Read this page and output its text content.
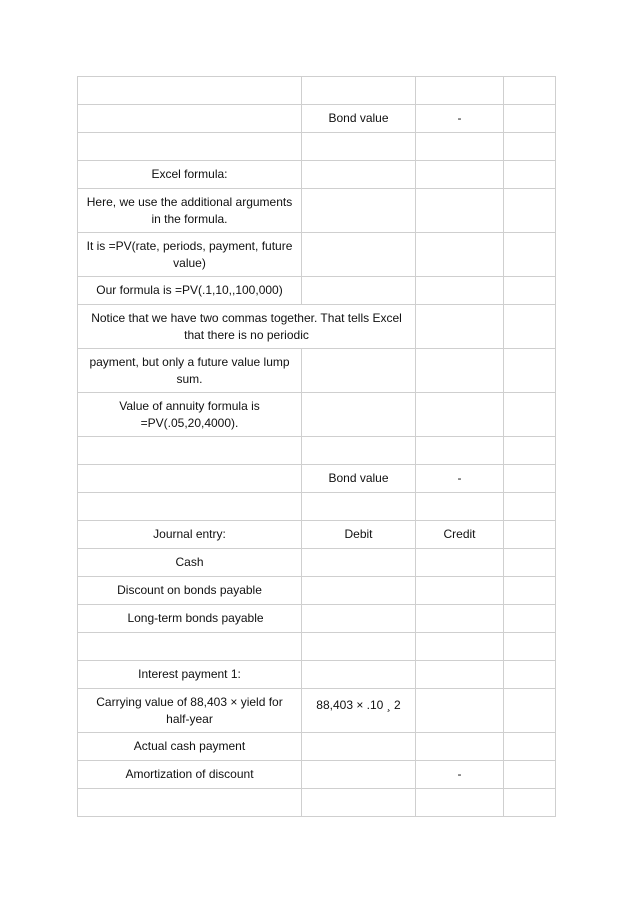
	Bond value	-	

Excel formula:			
Here, we use the additional arguments in the formula.			
It is =PV(rate, periods, payment, future value)			
Our formula is =PV(.1,10,,100,000)			
Notice that we have two commas together. That tells Excel that there is no periodic			
payment, but only a future value lump sum.			
Value of annuity formula is =PV(.05,20,4000).			

	Bond value	-	

Journal entry:	Debit	Credit	
Cash			
Discount on bonds payable			
Long-term bonds payable			

Interest payment 1:			
Carrying value of 88,403 × yield for half-year	88,403 × .10 ¸ 2		
Actual cash payment			
Amortization of discount		-	
